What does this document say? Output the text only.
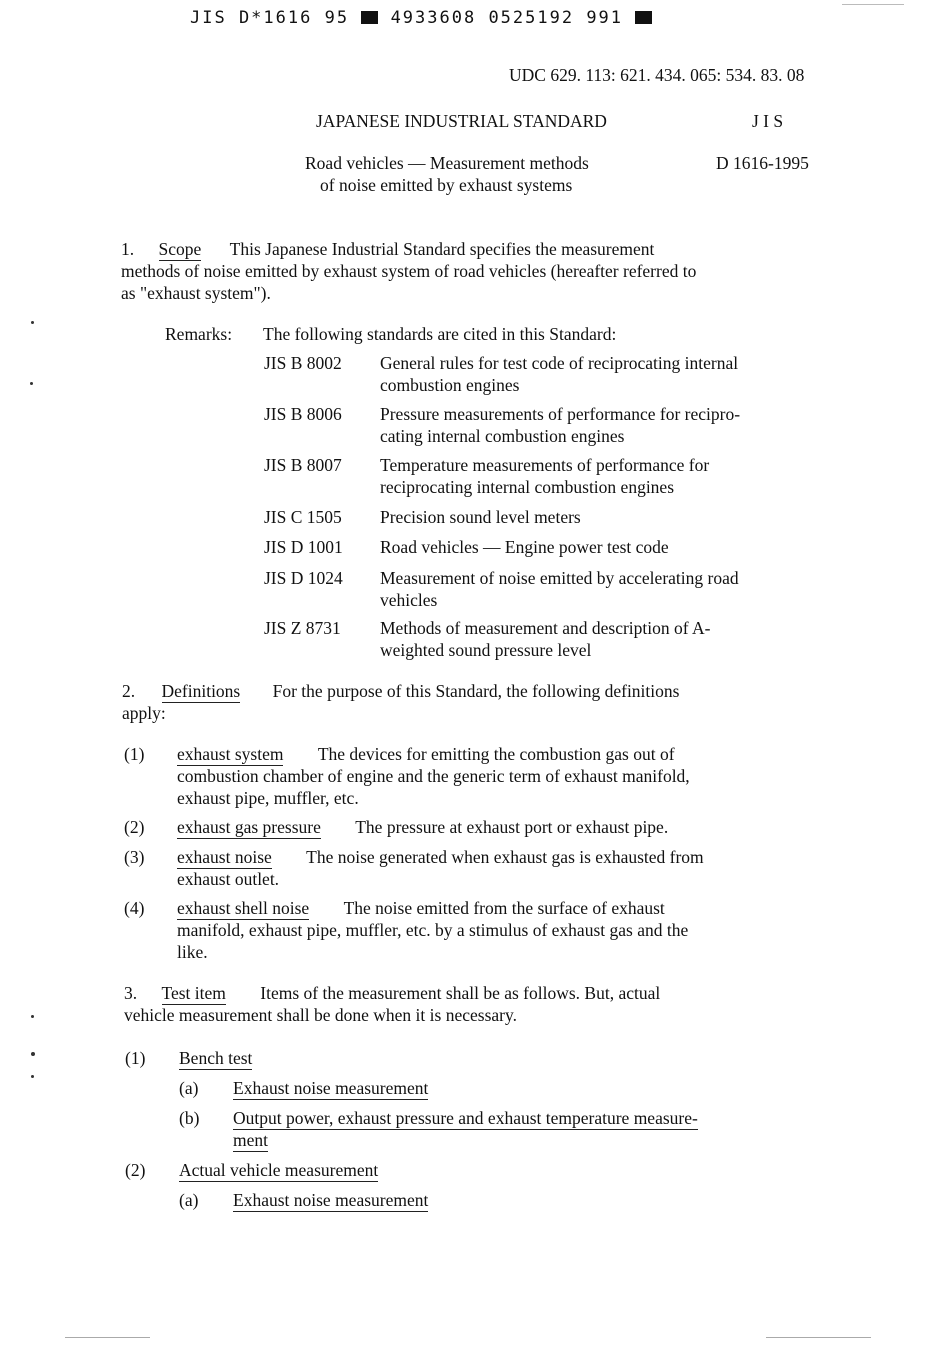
JIS D*1616 95 4933608 0525192 991
UDC 629. 113: 621. 434. 065: 534. 83. 08
JAPANESE INDUSTRIAL STANDARD	J I S
Road vehicles — Measurement methods
of noise emitted by exhaust systems
D 1616-1995
1. Scope This Japanese Industrial Standard specifies the measurement
methods of noise emitted by exhaust system of road vehicles (hereafter referred to
as "exhaust system").
Remarks: The following standards are cited in this Standard:
JIS B 8002 General rules for test code of reciprocating internal
combustion engines
JIS B 8006 Pressure measurements of performance for recipro-
cating internal combustion engines
JIS B 8007 Temperature measurements of performance for
reciprocating internal combustion engines
JIS C 1505 Precision sound level meters
JIS D 1001 Road vehicles — Engine power test code
JIS D 1024 Measurement of noise emitted by accelerating road
vehicles
JIS Z 8731 Methods of measurement and description of A-
weighted sound pressure level
2. Definitions For the purpose of this Standard, the following definitions
apply:
(1) exhaust system The devices for emitting the combustion gas out of
combustion chamber of engine and the generic term of exhaust manifold,
exhaust pipe, muffler, etc.
(2) exhaust gas pressure The pressure at exhaust port or exhaust pipe.
(3) exhaust noise The noise generated when exhaust gas is exhausted from
exhaust outlet.
(4) exhaust shell noise The noise emitted from the surface of exhaust
manifold, exhaust pipe, muffler, etc. by a stimulus of exhaust gas and the
like.
3. Test item Items of the measurement shall be as follows. But, actual
vehicle measurement shall be done when it is necessary.
(1) Bench test
(a) Exhaust noise measurement
(b) Output power, exhaust pressure and exhaust temperature measure-
ment
(2) Actual vehicle measurement
(a) Exhaust noise measurement
